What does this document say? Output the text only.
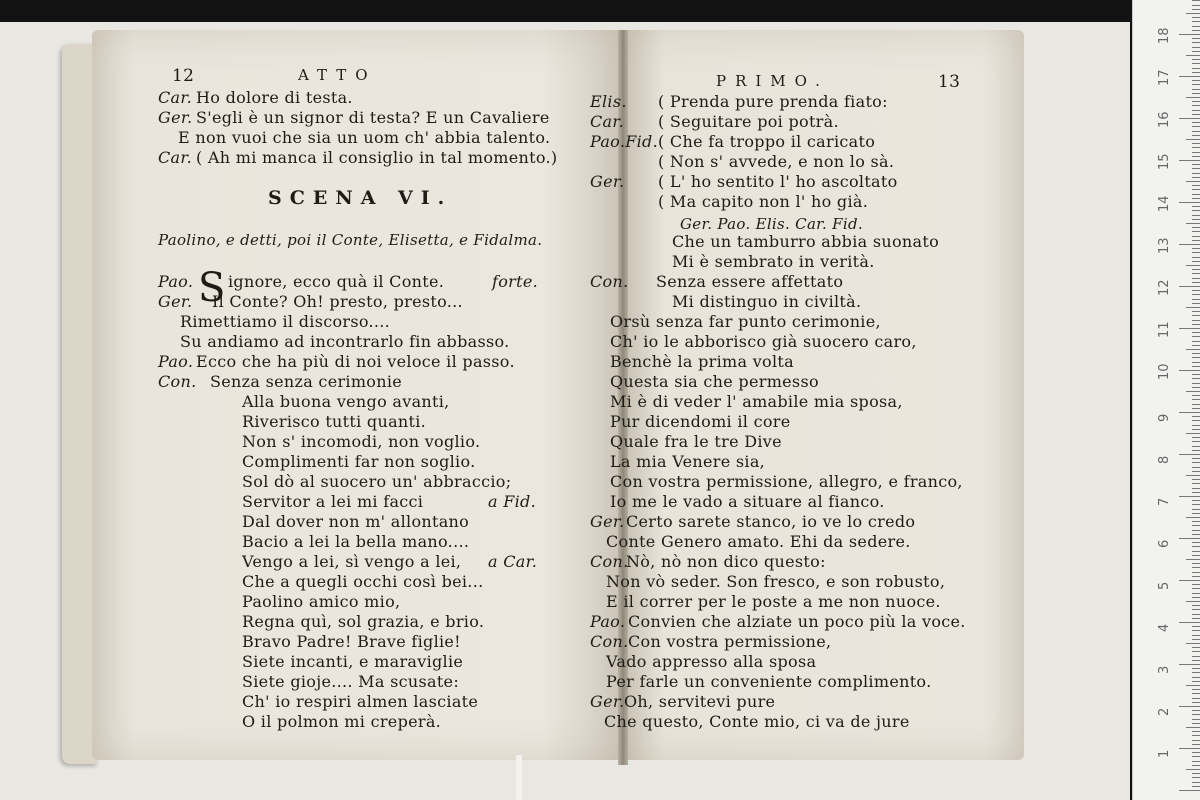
1
2
3
4
5
6
7
8
9
10
11
12
13
14
15
16
17
18
12	ATTO
SCENA VI.
Paolino, e detti, poi il Conte, Elisetta, e Fidalma.
S
PRIMO.	13
Ger. Pao. Elis. Car. Fid.
Car. Ho dolore di testa.
Ger. S'egli è un signor di testa? E un Cavaliere
E non vuoi che sia un uom ch' abbia talento.
Car. ( Ah mi manca il consiglio in tal momento.)
Pao. ignore, ecco quà il Conte.	forte.
Ger. Il Conte? Oh! presto, presto...
Rimettiamo il discorso....
Su andiamo ad incontrarlo fin abbasso.
Pao. Ecco che ha più di noi veloce il passo.
Con. Senza senza cerimonie
Alla buona vengo avanti,
Riverisco tutti quanti.
Non s' incomodi, non voglio.
Complimenti far non soglio.
Sol dò al suocero un' abbraccio;
Servitor a lei mi facci	a Fid.
Dal dover non m' allontano
Bacio a lei la bella mano....
Vengo a lei, sì vengo a lei, a Car.
Che a quegli occhi così bei...
Paolino amico mio,
Regna quì, sol grazia, e brio.
Bravo Padre! Brave figlie!
Siete incanti, e maraviglie
Siete gioje.... Ma scusate:
Ch' io respiri almen lasciate
O il polmon mi creperà.
Elis. ( Prenda pure prenda fiato:
Car. ( Seguitare poi potrà.
Pao.Fid. ( Che fa troppo il caricato
( Non s' avvede, e non lo sà.
Ger. ( L' ho sentito l' ho ascoltato
( Ma capito non l' ho già.
Che un tamburro abbia suonato
Mi è sembrato in verità.
Con. Senza essere affettato
Mi distinguo in civiltà.
Orsù senza far punto cerimonie,
Ch' io le abborisco già suocero caro,
Benchè la prima volta
Questa sia che permesso
Mi è di veder l' amabile mia sposa,
Pur dicendomi il core
Quale fra le tre Dive
La mia Venere sia,
Con vostra permissione, allegro, e franco,
Io me le vado a situare al fianco.
Ger. Certo sarete stanco, io ve lo credo
Conte Genero amato. Ehi da sedere.
Con.
Nò, nò non dico questo:
Non vò seder. Son fresco, e son robusto,
E il correr per le poste a me non nuoce.
Pao. Convien che alziate un poco più la voce.
Con. Con vostra permissione,
Vado appresso alla sposa
Per farle un conveniente complimento.
Ger. Oh, servitevi pure
Che questo, Conte mio, ci va de jure
